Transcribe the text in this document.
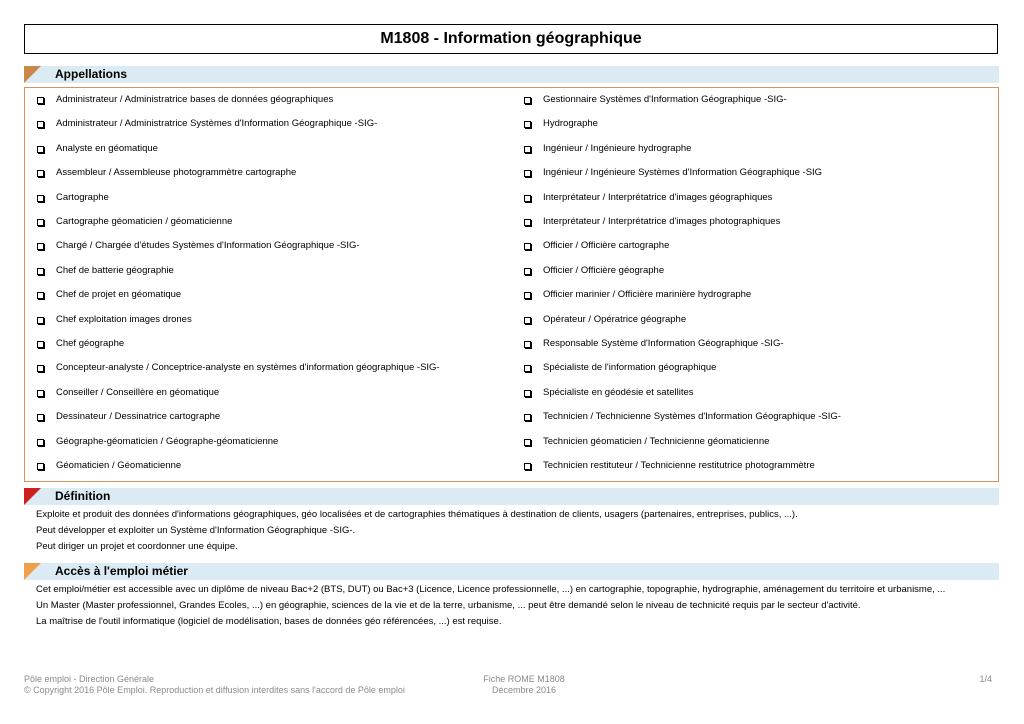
M1808 - Information géographique
Appellations
Administrateur / Administratrice bases de données géographiques
Administrateur / Administratrice Systèmes d'Information Géographique -SIG-
Analyste en géomatique
Assembleur / Assembleuse photogrammètre cartographe
Cartographe
Cartographe géomaticien / géomaticienne
Chargé / Chargée d'études Systèmes d'Information Géographique -SIG-
Chef de batterie géographie
Chef de projet en géomatique
Chef exploitation images drones
Chef géographe
Concepteur-analyste / Conceptrice-analyste en systèmes d'information géographique -SIG-
Conseiller / Conseillère en géomatique
Dessinateur / Dessinatrice cartographe
Géographe-géomaticien / Géographe-géomaticienne
Géomaticien / Géomaticienne
Gestionnaire Systèmes d'Information Géographique -SIG-
Hydrographe
Ingénieur / Ingénieure hydrographe
Ingénieur / Ingénieure Systèmes d'Information Géographique -SIG
Interprétateur / Interprétatrice d'images géographiques
Interprétateur / Interprétatrice d'images photographiques
Officier / Officière cartographe
Officier / Officière géographe
Officier marinier / Officière marinière hydrographe
Opérateur / Opératrice géographe
Responsable Système d'Information Géographique -SIG-
Spécialiste de l'information géographique
Spécialiste en géodésie et satellites
Technicien / Technicienne Systèmes d'Information Géographique -SIG-
Technicien géomaticien / Technicienne géomaticienne
Technicien restituteur / Technicienne restitutrice photogrammètre
Définition
Exploite et produit des données d'informations géographiques, géo localisées et de cartographies thématiques à destination de clients, usagers (partenaires, entreprises, publics, ...).
Peut développer et exploiter un Système d'Information Géographique -SIG-.
Peut diriger un projet et coordonner une équipe.
Accès à l'emploi métier
Cet emploi/métier est accessible avec un diplôme de niveau Bac+2 (BTS, DUT) ou Bac+3 (Licence, Licence professionnelle, ...) en cartographie, topographie, hydrographie, aménagement du territoire et urbanisme, ...
Un Master (Master professionnel, Grandes Ecoles, ...) en géographie, sciences de la vie et de la terre, urbanisme, ... peut être demandé selon le niveau de technicité requis par le secteur d'activité.
La maîtrise de l'outil informatique (logiciel de modélisation, bases de données géo référencées, ...) est requise.
Pôle emploi - Direction Générale
© Copyright 2016 Pôle Emploi. Reproduction et diffusion interdites sans l'accord de Pôle emploi
Fiche ROME M1808
Décembre 2016
1/4
